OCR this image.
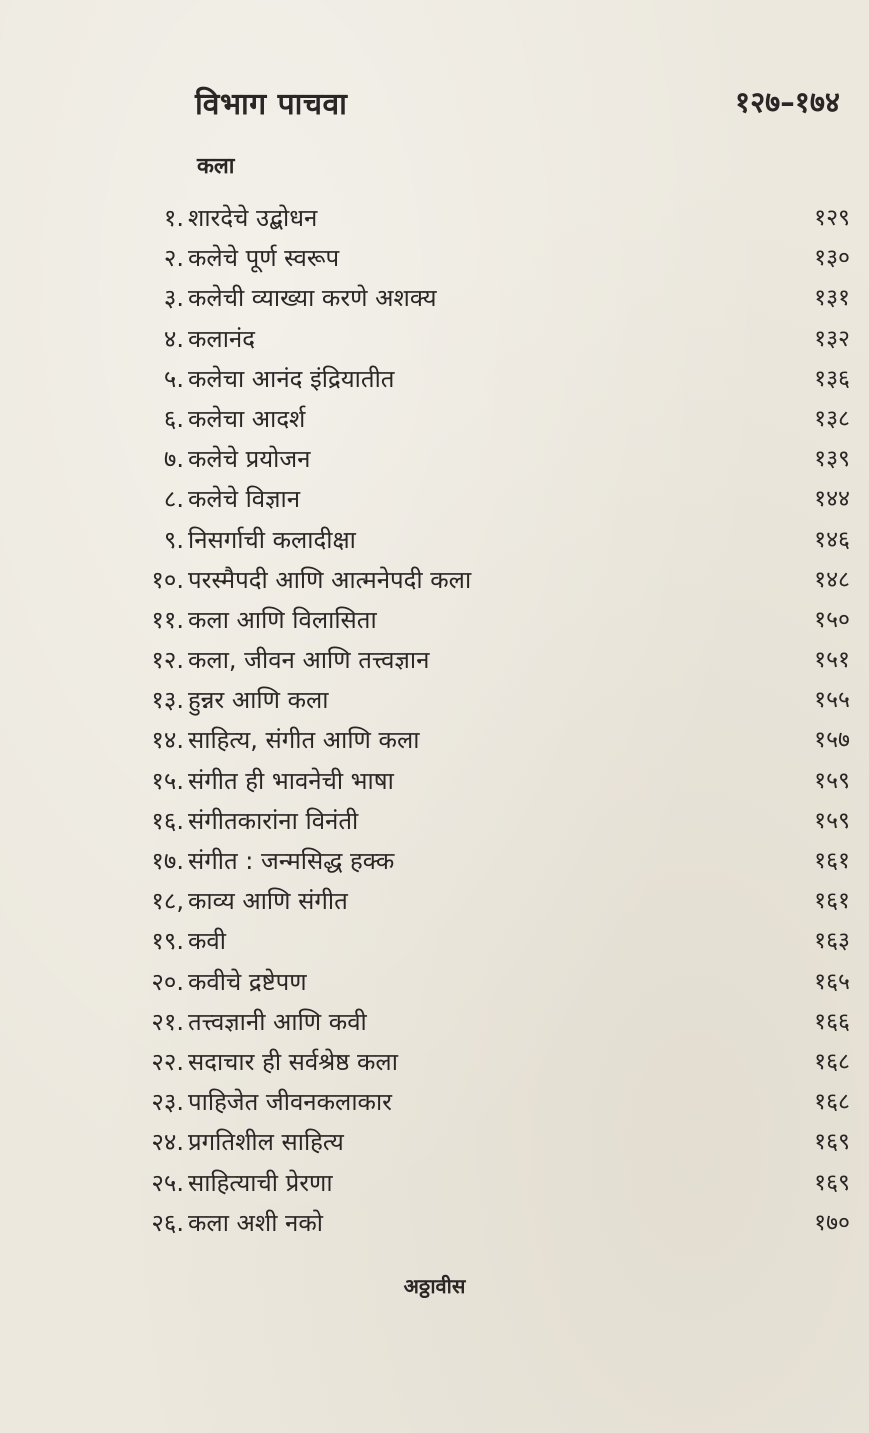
विभाग पाचवा	१२७–१७४
कला
१. शारदेचे उद्बोधन	१२९
२. कलेचे पूर्ण स्वरूप	१३०
३. कलेची व्याख्या करणे अशक्य	१३१
४. कलानंद	१३२
५. कलेचा आनंद इंद्रियातीत	१३६
६. कलेचा आदर्श	१३८
७. कलेचे प्रयोजन	१३९
८. कलेचे विज्ञान	१४४
९. निसर्गाची कलादीक्षा	१४६
१०. परस्मैपदी आणि आत्मनेपदी कला	१४८
११. कला आणि विलासिता	१५०
१२. कला, जीवन आणि तत्त्वज्ञान	१५१
१३. हुन्नर आणि कला	१५५
१४. साहित्य, संगीत आणि कला	१५७
१५. संगीत ही भावनेची भाषा	१५९
१६. संगीतकारांना विनंती	१५९
१७. संगीत : जन्मसिद्ध हक्क	१६१
१८, काव्य आणि संगीत	१६१
१९. कवी	१६३
२०. कवीचे द्रष्टेपण	१६५
२१. तत्त्वज्ञानी आणि कवी	१६६
२२. सदाचार ही सर्वश्रेष्ठ कला	१६८
२३. पाहिजेत जीवनकलाकार	१६८
२४. प्रगतिशील साहित्य	१६९
२५. साहित्याची प्रेरणा	१६९
२६. कला अशी नको	१७०
अठ्ठावीस
